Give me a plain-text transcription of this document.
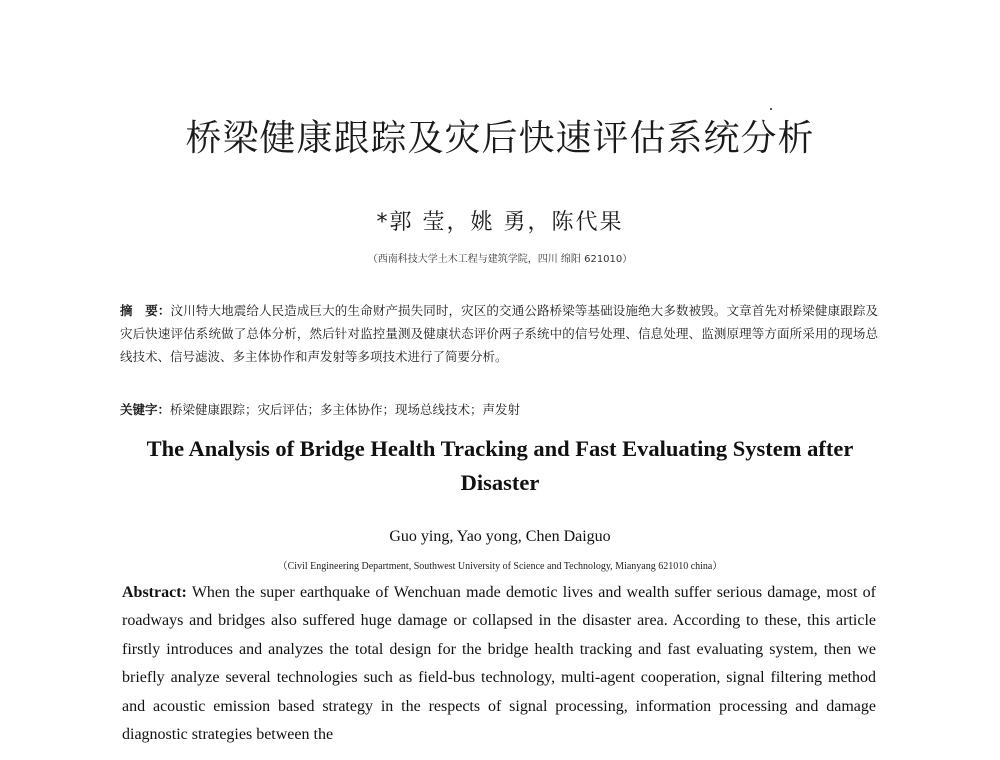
桥梁健康跟踪及灾后快速评估系统分析
*郭 莹，姚 勇，陈代果
（西南科技大学土木工程与建筑学院，四川 绵阳 621010）

摘　要：汶川特大地震给人民造成巨大的生命财产损失同时，灾区的交通公路桥梁等基础设施绝大多数被毁。文章首先对桥梁健康跟踪及灾后快速评估系统做了总体分析，然后针对监控量测及健康状态评价两子系统中的信号处理、信息处理、监测原理等方面所采用的现场总线技术、信号滤波、多主体协作和声发射等多项技术进行了简要分析。

关键字：桥梁健康跟踪；灾后评估；多主体协作；现场总线技术；声发射

The Analysis of Bridge Health Tracking and Fast Evaluating System after Disaster
Guo ying, Yao yong, Chen Daiguo
（Civil Engineering Department, Southwest University of Science and Technology, Mianyang 621010 china）

Abstract: When the super earthquake of Wenchuan made demotic lives and wealth suffer serious damage, most of roadways and bridges also suffered huge damage or collapsed in the disaster area. According to these, this article firstly introduces and analyzes the total design for the bridge health tracking and fast evaluating system, then we briefly analyze several technologies such as field-bus technology, multi-agent cooperation, signal filtering method and acoustic emission based strategy in the respects of signal processing, information processing and damage diagnostic strategies between the
